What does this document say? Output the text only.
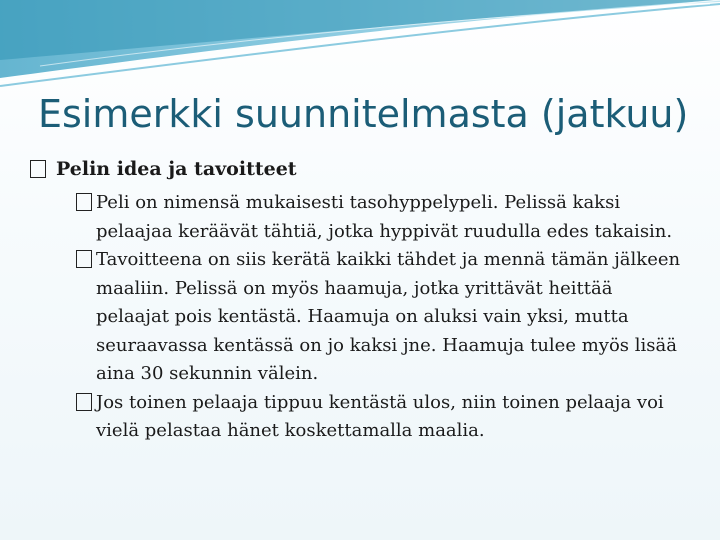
Esimerkki suunnitelmasta (jatkuu)
Pelin idea ja tavoitteet
Peli on nimensä mukaisesti tasohyppelypeli. Pelissä kaksi pelaajaa keräävät tähtiä, jotka hyppivät ruudulla edes takaisin.
Tavoitteena on siis kerätä kaikki tähdet ja mennä tämän jälkeen maaliin. Pelissä on myös haamuja, jotka yrittävät heittää pelaajat pois kentästä. Haamuja on aluksi vain yksi, mutta seuraavassa kentässä on jo kaksi jne. Haamuja tulee myös lisää aina 30 sekunnin välein.
Jos toinen pelaaja tippuu kentästä ulos, niin toinen pelaaja voi vielä pelastaa hänet koskettamalla maalia.
